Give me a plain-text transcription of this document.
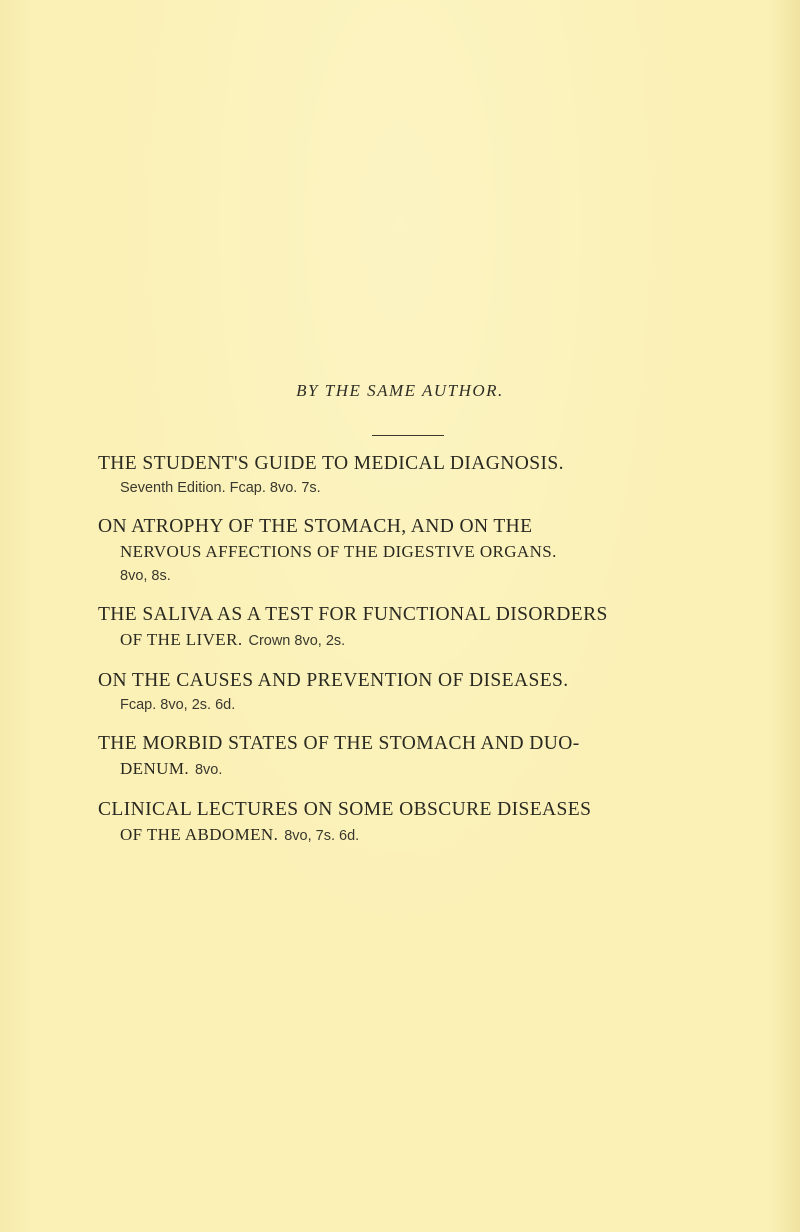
BY THE SAME AUTHOR.
THE STUDENT'S GUIDE TO MEDICAL DIAGNOSIS.
Seventh Edition. Fcap. 8vo. 7s.
ON ATROPHY OF THE STOMACH, AND ON THE
NERVOUS AFFECTIONS OF THE DIGESTIVE ORGANS.
8vo, 8s.
THE SALIVA AS A TEST FOR FUNCTIONAL DISORDERS
OF THE LIVER. Crown 8vo, 2s.
ON THE CAUSES AND PREVENTION OF DISEASES.
Fcap. 8vo, 2s. 6d.
THE MORBID STATES OF THE STOMACH AND DUO-
DENUM. 8vo.
CLINICAL LECTURES ON SOME OBSCURE DISEASES
OF THE ABDOMEN. 8vo, 7s. 6d.
